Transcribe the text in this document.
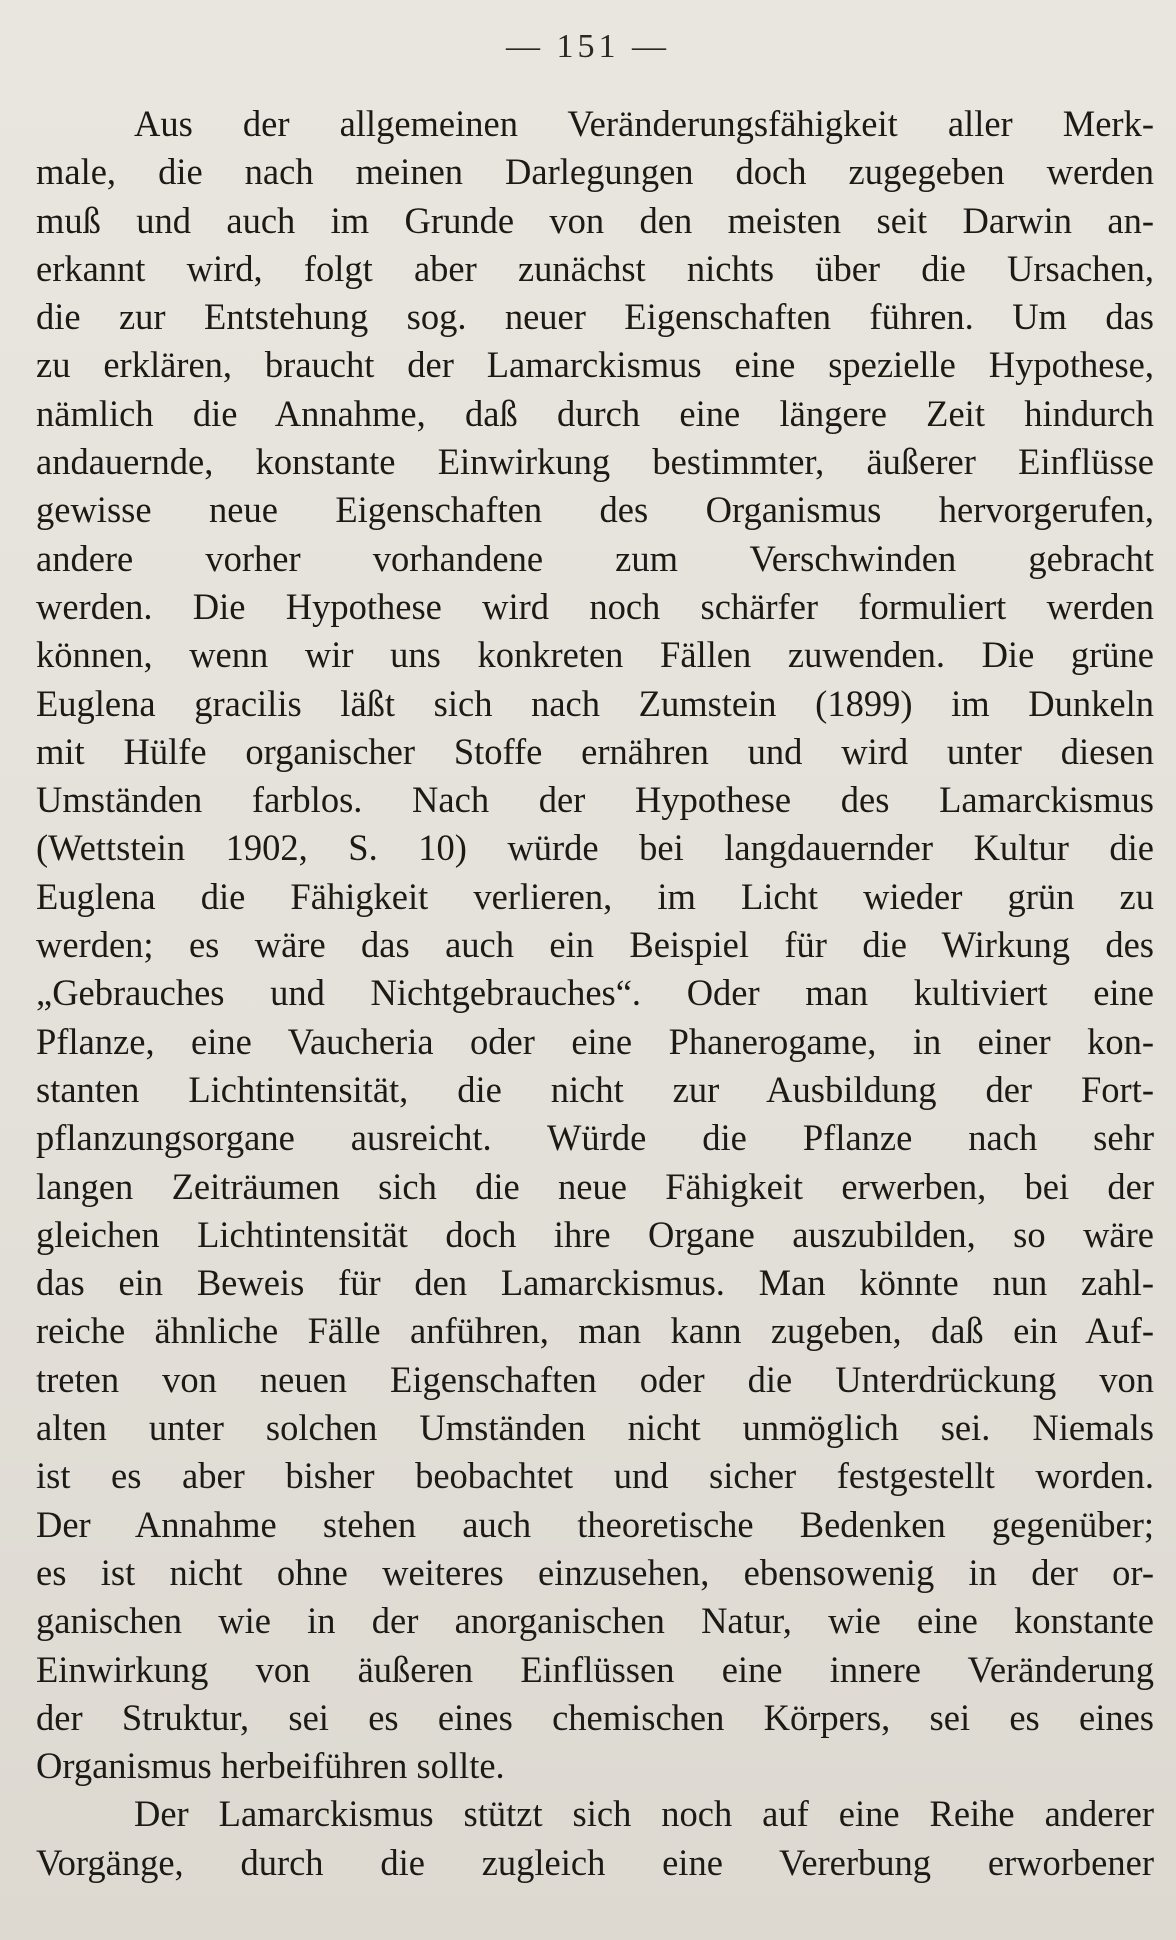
— 151 —
Aus der allgemeinen Veränderungsfähigkeit aller Merk-
male, die nach meinen Darlegungen doch zugegeben werden
muß und auch im Grunde von den meisten seit Darwin an-
erkannt wird, folgt aber zunächst nichts über die Ursachen,
die zur Entstehung sog. neuer Eigenschaften führen. Um das
zu erklären, braucht der Lamarckismus eine spezielle Hypothese,
nämlich die Annahme, daß durch eine längere Zeit hindurch
andauernde, konstante Einwirkung bestimmter, äußerer Einflüsse
gewisse neue Eigenschaften des Organismus hervorgerufen,
andere vorher vorhandene zum Verschwinden gebracht
werden. Die Hypothese wird noch schärfer formuliert werden
können, wenn wir uns konkreten Fällen zuwenden. Die grüne
Euglena gracilis läßt sich nach Zumstein (1899) im Dunkeln
mit Hülfe organischer Stoffe ernähren und wird unter diesen
Umständen farblos. Nach der Hypothese des Lamarckismus
(Wettstein 1902, S. 10) würde bei langdauernder Kultur die
Euglena die Fähigkeit verlieren, im Licht wieder grün zu
werden; es wäre das auch ein Beispiel für die Wirkung des
„Gebrauches und Nichtgebrauches“. Oder man kultiviert eine
Pflanze, eine Vaucheria oder eine Phanerogame, in einer kon-
stanten Lichtintensität, die nicht zur Ausbildung der Fort-
pflanzungsorgane ausreicht. Würde die Pflanze nach sehr
langen Zeiträumen sich die neue Fähigkeit erwerben, bei der
gleichen Lichtintensität doch ihre Organe auszubilden, so wäre
das ein Beweis für den Lamarckismus. Man könnte nun zahl-
reiche ähnliche Fälle anführen, man kann zugeben, daß ein Auf-
treten von neuen Eigenschaften oder die Unterdrückung von
alten unter solchen Umständen nicht unmöglich sei. Niemals
ist es aber bisher beobachtet und sicher festgestellt worden.
Der Annahme stehen auch theoretische Bedenken gegenüber;
es ist nicht ohne weiteres einzusehen, ebensowenig in der or-
ganischen wie in der anorganischen Natur, wie eine konstante
Einwirkung von äußeren Einflüssen eine innere Veränderung
der Struktur, sei es eines chemischen Körpers, sei es eines
Organismus herbeiführen sollte.
Der Lamarckismus stützt sich noch auf eine Reihe anderer
Vorgänge, durch die zugleich eine Vererbung erworbener
